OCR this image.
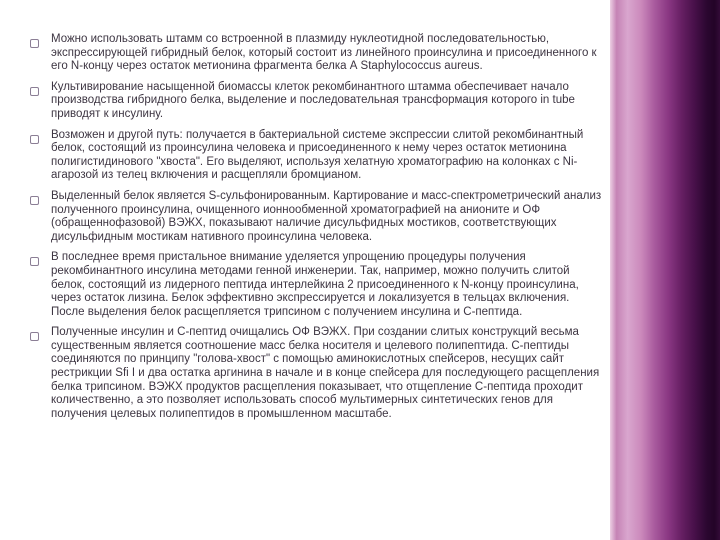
Можно использовать штамм со встроенной в плазмиду нуклеотидной последовательностью, экспрессирующей гибридный белок, который состоит из линейного проинсулина и присоединенного к его N-концу через остаток метионина фрагмента белка А Staphylococcus aureus.
Культивирование насыщенной биомассы клеток рекомбинантного штамма обеспечивает начало производства гибридного белка, выделение и последовательная трансформация которого in tube приводят к инсулину.
Возможен и другой путь: получается в бактериальной системе экспрессии слитой рекомбинантный белок, состоящий из проинсулина человека и присоединенного к нему через остаток метионина полигистидинового "хвоста". Его выделяют, используя хелатную хроматографию на колонках с Ni-агарозой из телец включения и расщепляли бромцианом.
Выделенный белок является S-сульфонированным. Картирование и масс-спектрометрический анализ полученного проинсулина, очищенного ионнообменной хроматографией на анионите и ОФ (обращеннофазовой) ВЭЖХ, показывают наличие дисульфидных мостиков, соответствующих дисульфидным мостикам нативного проинсулина человека.
В последнее время пристальное внимание уделяется упрощению процедуры получения рекомбинантного инсулина методами генной инженерии. Так, например, можно получить слитой белок, состоящий из лидерного пептида интерлейкина 2 присоединенного к N-концу проинсулина, через остаток лизина. Белок эффективно экспрессируется и локализуется в тельцах включения. После выделения белок расщепляется трипсином с получением инсулина и С-пептида.
Полученные инсулин и С-пептид очищались ОФ ВЭЖХ. При создании слитых конструкций весьма существенным является соотношение масс белка носителя и целевого полипептида. С-пептиды соединяются по принципу "голова-хвост" с помощью аминокислотных спейсеров, несущих сайт рестрикции Sfi I и два остатка аргинина в начале и в конце спейсера для последующего расщепления белка трипсином. ВЭЖХ продуктов расщепления показывает, что отщепление С-пептида проходит количественно, а это позволяет использовать способ мультимерных синтетических генов для получения целевых полипептидов в промышленном масштабе.
